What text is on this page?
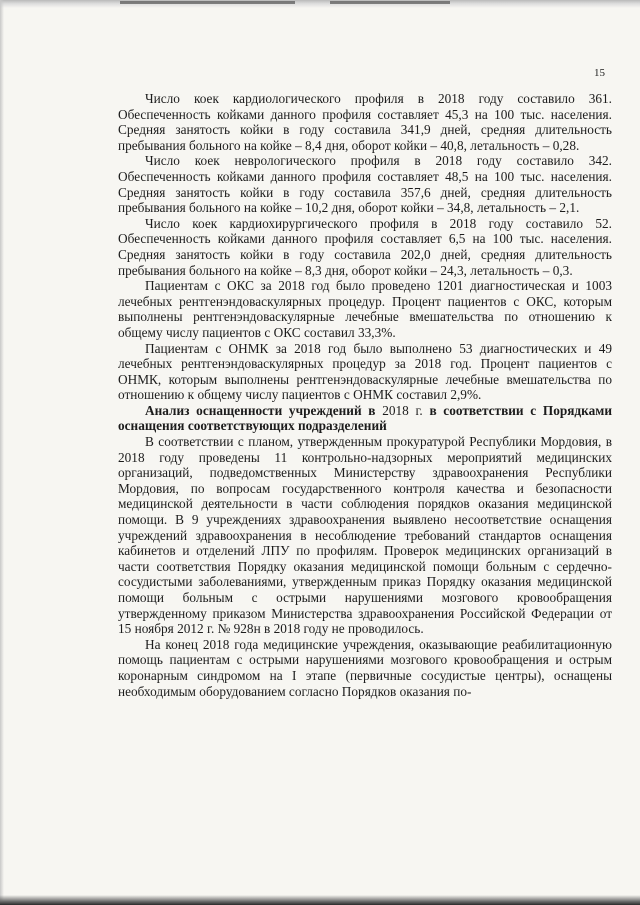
15

Число коек кардиологического профиля в 2018 году составило 361. Обеспеченность койками данного профиля составляет 45,3 на 100 тыс. населения. Средняя занятость койки в году составила 341,9 дней, средняя длительность пребывания больного на койке – 8,4 дня, оборот койки – 40,8, летальность – 0,28.

Число коек неврологического профиля в 2018 году составило 342. Обеспеченность койками данного профиля составляет 48,5 на 100 тыс. населения. Средняя занятость койки в году составила 357,6 дней, средняя длительность пребывания больного на койке – 10,2 дня, оборот койки – 34,8, летальность – 2,1.

Число коек кардиохирургического профиля в 2018 году составило 52. Обеспеченность койками данного профиля составляет 6,5 на 100 тыс. населения. Средняя занятость койки в году составила 202,0 дней, средняя длительность пребывания больного на койке – 8,3 дня, оборот койки – 24,3, летальность – 0,3.

Пациентам с ОКС за 2018 год было проведено 1201 диагностическая и 1003 лечебных рентгенэндоваскулярных процедур. Процент пациентов с ОКС, которым выполнены рентгенэндоваскулярные лечебные вмешательства по отношению к общему числу пациентов с ОКС составил 33,3%.

Пациентам с ОНМК за 2018 год было выполнено 53 диагностических и 49 лечебных рентгенэндоваскулярных процедур за 2018 год. Процент пациентов с ОНМК, которым выполнены рентгенэндоваскулярные лечебные вмешательства по отношению к общему числу пациентов с ОНМК составил 2,9%.

Анализ оснащенности учреждений в 2018 г. в соответствии с Порядками оснащения соответствующих подразделений

В соответствии с планом, утвержденным прокуратурой Республики Мордовия, в 2018 году проведены 11 контрольно-надзорных мероприятий медицинских организаций, подведомственных Министерству здравоохранения Республики Мордовия, по вопросам государственного контроля качества и безопасности медицинской деятельности в части соблюдения порядков оказания медицинской помощи. В 9 учреждениях здравоохранения выявлено несоответствие оснащения учреждений здравоохранения в несоблюдение требований стандартов оснащения кабинетов и отделений ЛПУ по профилям. Проверок медицинских организаций в части соответствия Порядку оказания медицинской помощи больным с сердечно-сосудистыми заболеваниями, утвержденным приказ Порядку оказания медицинской помощи больным с острыми нарушениями мозгового кровообращения утвержденному приказом Министерства здравоохранения Российской Федерации от 15 ноября 2012 г. № 928н в 2018 году не проводилось.

На конец 2018 года медицинские учреждения, оказывающие реабилитационную помощь пациентам с острыми нарушениями мозгового кровообращения и острым коронарным синдромом на I этапе (первичные сосудистые центры), оснащены необходимым оборудованием согласно Порядков оказания по-
